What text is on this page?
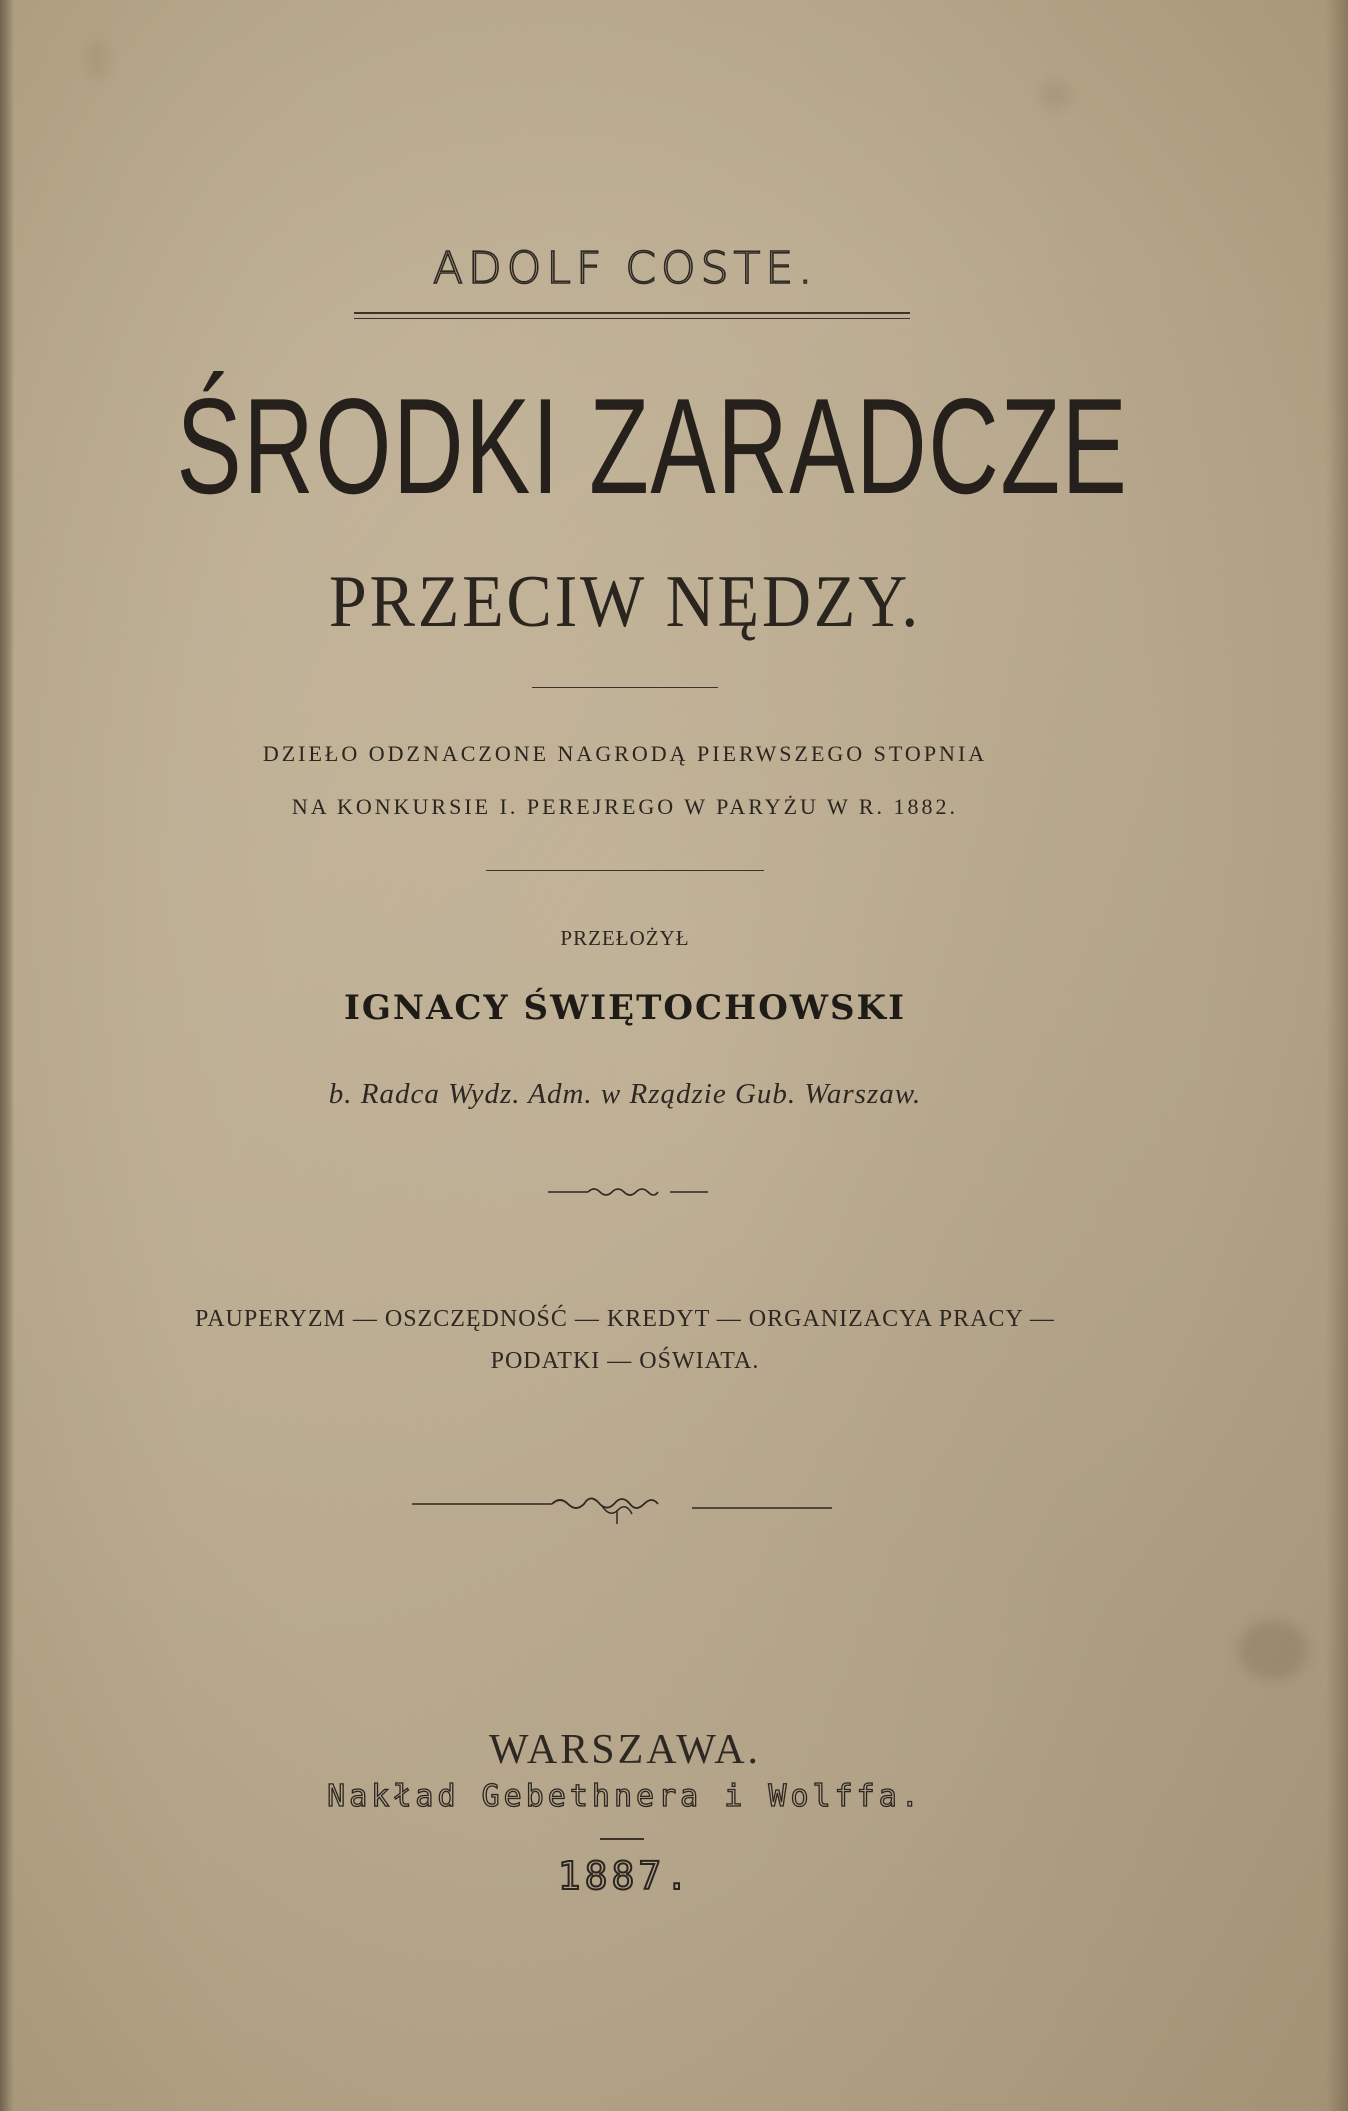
ADOLF COSTE.
ŚRODKI ZARADCZE
PRZECIW NĘDZY.
DZIEŁO ODZNACZONE NAGRODĄ PIERWSZEGO STOPNIA
NA KONKURSIE I. PEREJREGO W PARYŻU W R. 1882.
PRZEŁOŻYŁ
IGNACY ŚWIĘTOCHOWSKI
b. Radca Wydz. Adm. w Rządzie Gub. Warszaw.
PAUPERYZM — OSZCZĘDNOŚĆ — KREDYT — ORGANIZACYA PRACY —
PODATKI — OŚWIATA.
WARSZAWA.
Nakład Gebethnera i Wolffa.
1887.
